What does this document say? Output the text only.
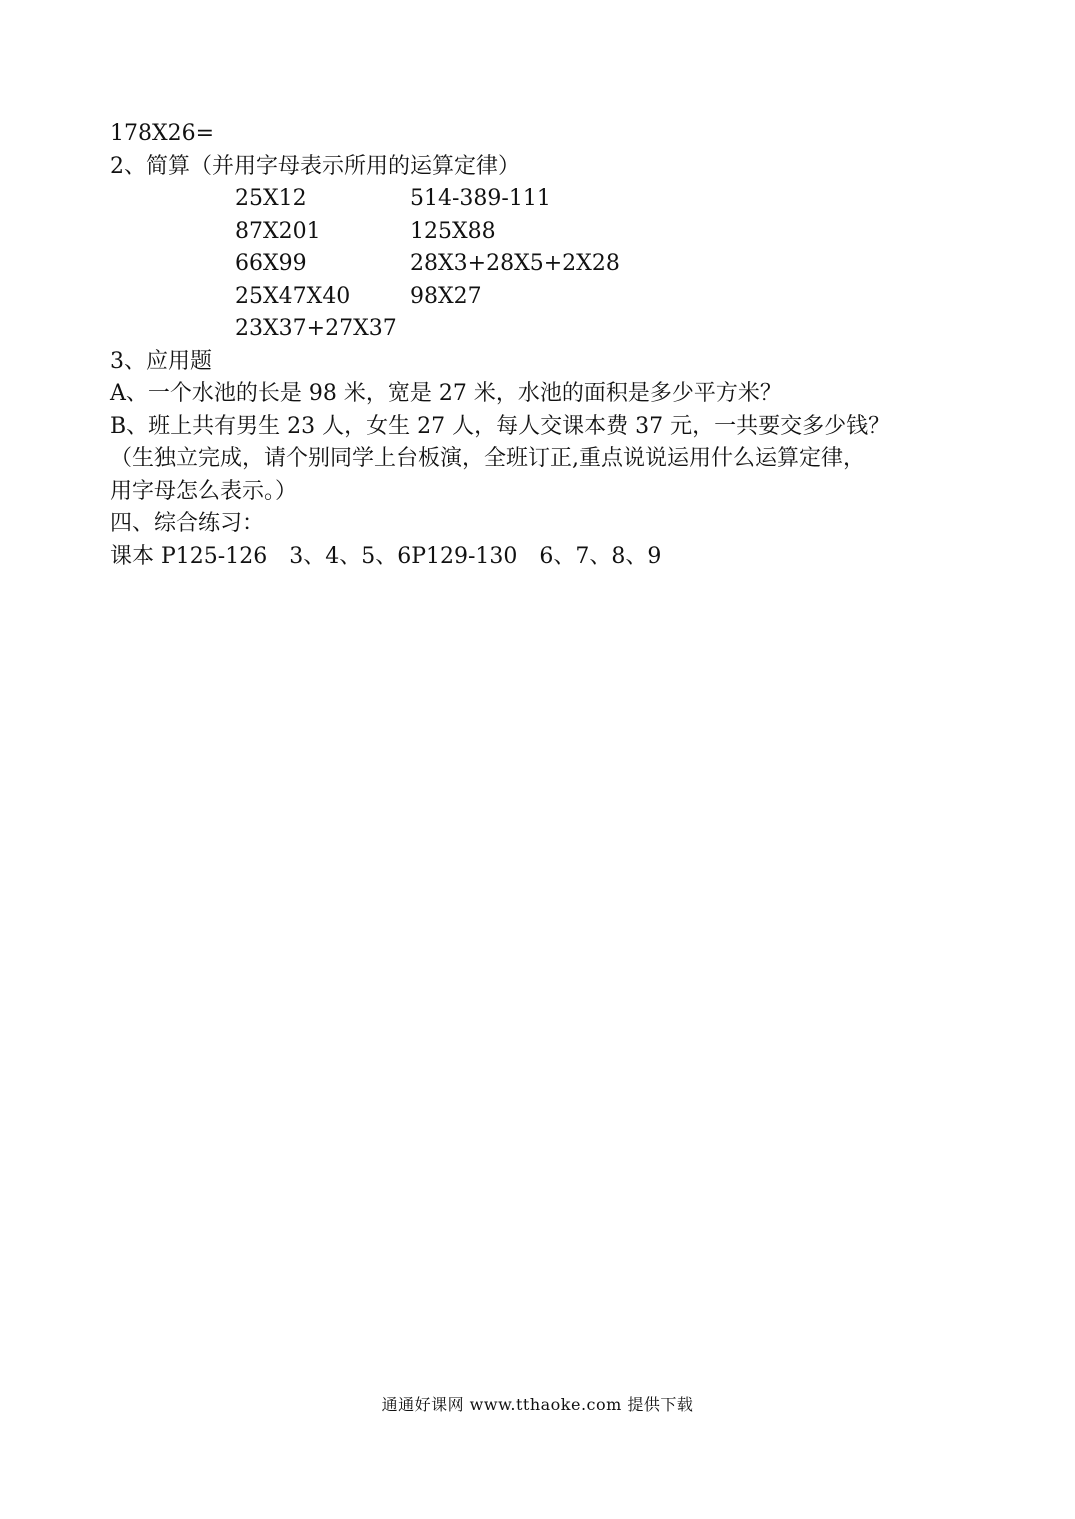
178X26=

2、简算（并用字母表示所用的运算定律）

25X12	514-389-111
87X201	125X88
66X99	28X3+28X5+2X28
25X47X40	98X27
23X37+27X37

3、应用题

A、一个水池的长是 98 米，宽是 27 米，水池的面积是多少平方米？

B、班上共有男生 23 人，女生 27 人，每人交课本费 37 元，一共要交多少钱？

（生独立完成，请个别同学上台板演，全班订正,重点说说运用什么运算定律，

用字母怎么表示。）

四、综合练习：

课本 P125-126　3、4、5、6P129-130　6、7、8、9

通通好课网 www.tthaoke.com 提供下载
